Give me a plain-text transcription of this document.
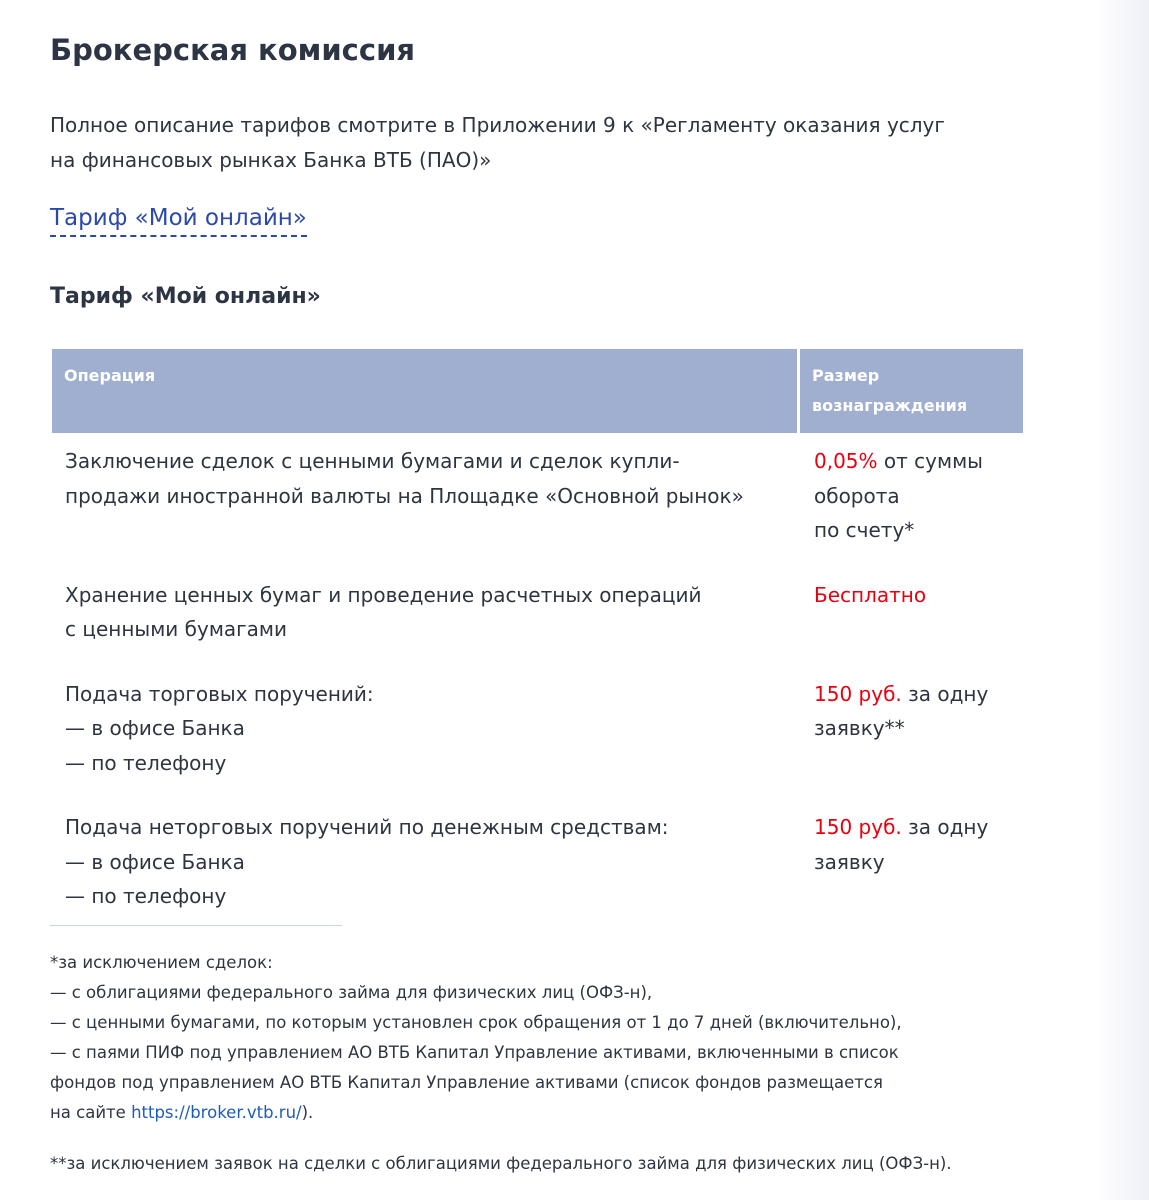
Брокерская комиссия
Полное описание тарифов смотрите в Приложении 9 к «Регламенту оказания услуг
на финансовых рынках Банка ВТБ (ПАО)»
Тариф «Мой онлайн»
Тариф «Мой онлайн»
Операция	Размер
вознаграждения

Заключение сделок с ценными бумагами и сделок купли-
продажи иностранной валюты на Площадке «Основной рынок»	0,05% от суммы
оборота
по счету*

Хранение ценных бумаг и проведение расчетных операций
с ценными бумагами	Бесплатно

Подача торговых поручений:
— в офисе Банка
— по телефону	150 руб. за одну
заявку**

Подача неторговых поручений по денежным средствам:
— в офисе Банка
— по телефону	150 руб. за одну
заявку
*за исключением сделок:
— с облигациями федерального займа для физических лиц (ОФЗ-н),
— с ценными бумагами, по которым установлен срок обращения от 1 до 7 дней (включительно),
— с паями ПИФ под управлением АО ВТБ Капитал Управление активами, включенными в список
фондов под управлением АО ВТБ Капитал Управление активами (список фондов размещается
на сайте https://broker.vtb.ru/).
**за исключением заявок на сделки с облигациями федерального займа для физических лиц (ОФЗ-н).
